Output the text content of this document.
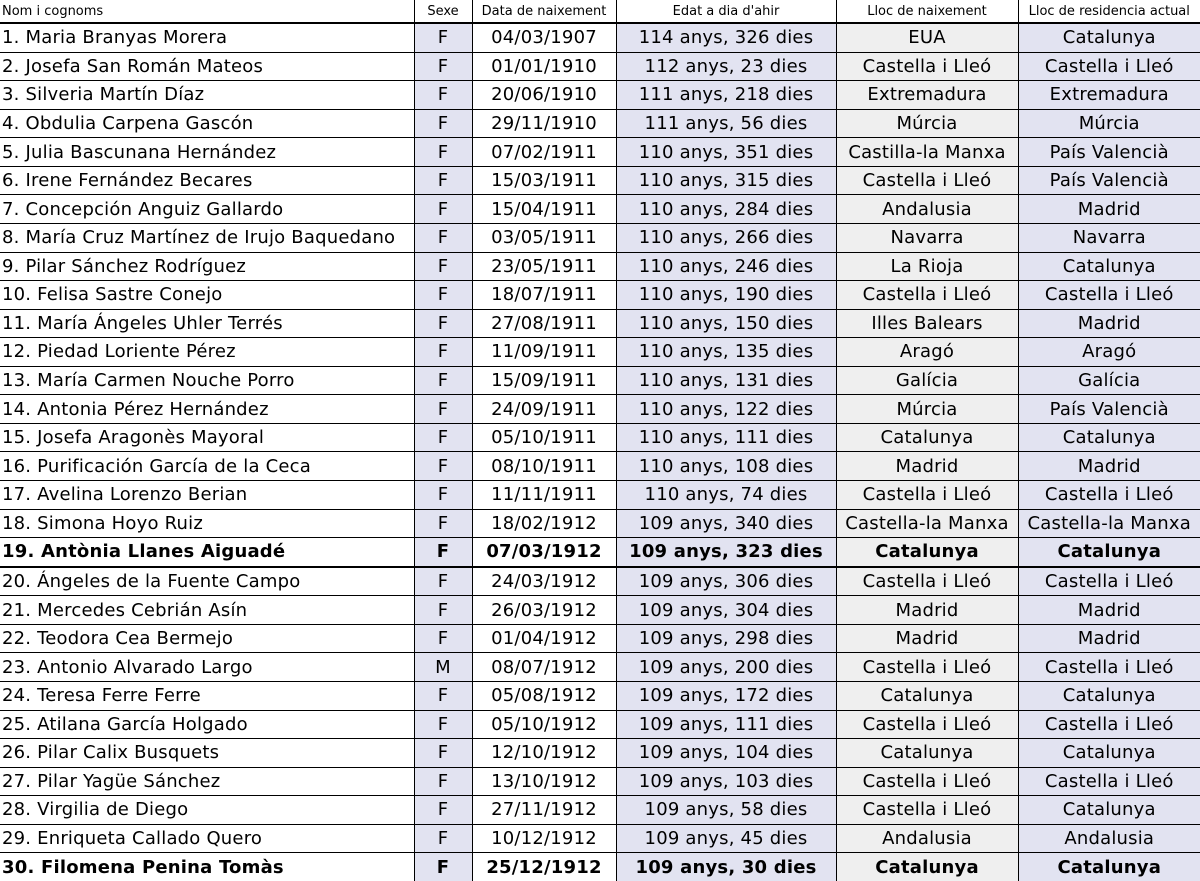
Nom i cognoms	Sexe	Data de naixement	Edat a dia d'ahir	Lloc de naixement	Lloc de residencia actual
1. Maria Branyas Morera	F	04/03/1907	114 anys, 326 dies	EUA	Catalunya
2. Josefa San Román Mateos	F	01/01/1910	112 anys, 23 dies	Castella i Lleó	Castella i Lleó
3. Silveria Martín Díaz	F	20/06/1910	111 anys, 218 dies	Extremadura	Extremadura
4. Obdulia Carpena Gascón	F	29/11/1910	111 anys, 56 dies	Múrcia	Múrcia
5. Julia Bascunana Hernández	F	07/02/1911	110 anys, 351 dies	Castilla-la Manxa	País Valencià
6. Irene Fernández Becares	F	15/03/1911	110 anys, 315 dies	Castella i Lleó	País Valencià
7. Concepción Anguiz Gallardo	F	15/04/1911	110 anys, 284 dies	Andalusia	Madrid
8. María Cruz Martínez de Irujo Baquedano	F	03/05/1911	110 anys, 266 dies	Navarra	Navarra
9. Pilar Sánchez Rodríguez	F	23/05/1911	110 anys, 246 dies	La Rioja	Catalunya
10. Felisa Sastre Conejo	F	18/07/1911	110 anys, 190 dies	Castella i Lleó	Castella i Lleó
11. María Ángeles Uhler Terrés	F	27/08/1911	110 anys, 150 dies	Illes Balears	Madrid
12. Piedad Loriente Pérez	F	11/09/1911	110 anys, 135 dies	Aragó	Aragó
13. María Carmen Nouche Porro	F	15/09/1911	110 anys, 131 dies	Galícia	Galícia
14. Antonia Pérez Hernández	F	24/09/1911	110 anys, 122 dies	Múrcia	País Valencià
15. Josefa Aragonès Mayoral	F	05/10/1911	110 anys, 111 dies	Catalunya	Catalunya
16. Purificación García de la Ceca	F	08/10/1911	110 anys, 108 dies	Madrid	Madrid
17. Avelina Lorenzo Berian	F	11/11/1911	110 anys, 74 dies	Castella i Lleó	Castella i Lleó
18. Simona Hoyo Ruiz	F	18/02/1912	109 anys, 340 dies	Castella-la Manxa	Castella-la Manxa
19. Antònia Llanes Aiguadé	F	07/03/1912	109 anys, 323 dies	Catalunya	Catalunya
20. Ángeles de la Fuente Campo	F	24/03/1912	109 anys, 306 dies	Castella i Lleó	Castella i Lleó
21. Mercedes Cebrián Asín	F	26/03/1912	109 anys, 304 dies	Madrid	Madrid
22. Teodora Cea Bermejo	F	01/04/1912	109 anys, 298 dies	Madrid	Madrid
23. Antonio Alvarado Largo	M	08/07/1912	109 anys, 200 dies	Castella i Lleó	Castella i Lleó
24. Teresa Ferre Ferre	F	05/08/1912	109 anys, 172 dies	Catalunya	Catalunya
25. Atilana García Holgado	F	05/10/1912	109 anys, 111 dies	Castella i Lleó	Castella i Lleó
26. Pilar Calix Busquets	F	12/10/1912	109 anys, 104 dies	Catalunya	Catalunya
27. Pilar Yagüe Sánchez	F	13/10/1912	109 anys, 103 dies	Castella i Lleó	Castella i Lleó
28. Virgilia de Diego	F	27/11/1912	109 anys, 58 dies	Castella i Lleó	Catalunya
29. Enriqueta Callado Quero	F	10/12/1912	109 anys, 45 dies	Andalusia	Andalusia
30. Filomena Penina Tomàs	F	25/12/1912	109 anys, 30 dies	Catalunya	Catalunya
